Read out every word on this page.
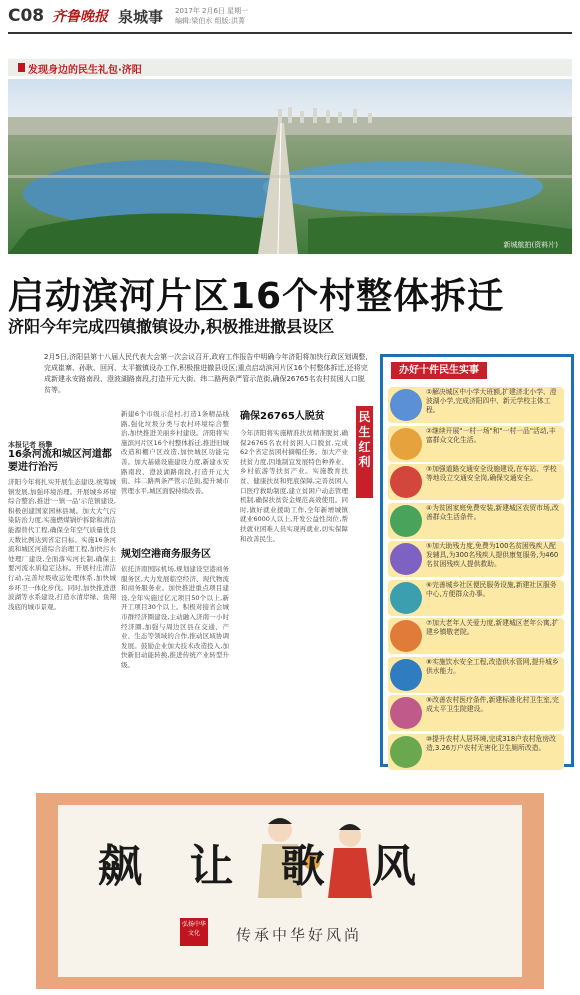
C08 齐鲁晚报 泉城事 2017年 2月6日 星期一
编辑:梁伯水 组版:洪菁
发现身边的民生礼包·济阳
新城航拍(资料片)
启动滨河片区16个村整体拆迁
济阳今年完成四镇撤镇设办,积极推进撤县设区
2月5日,济阳县第十八届人民代表大会第一次会议召开,政府工作报告中明确今年济阳将加快行政区划调整,完成崔寨、孙耿、回河、太平撤镇设办工作,积极推进撤县设区;重点启动滨河片区16个村整体拆迁,还将完成新建永安路南段、澄波湖路南段,打造开元大街、纬二路两条严管示范街,确保26765名农村贫困人口脱贫等。
本报记者 杨擎
16条河流和城区河道都要进行治污
济阳今年将扎实开展生态建设,统筹城镇发展,加强环境治理。开展城乡环境综合整治,推进'一镇一品'示范镇建设,积极创建国家园林县城。加大大气污染防治力度,实施燃煤锅炉拆除和清洁能源替代工程,确保全年空气质量优良天数比例达到省定目标。实施16条河流和城区河道综合治理工程,加快污水处理厂建设,全面落实河长制,确保主要河流水质稳定达标。开展村庄清洁行动,完善垃圾收运处理体系,加快城乡环卫一体化步伐。同时,加快推进澄波湖等水系建设,打造水清岸绿、鱼翔浅底的城市景观。
新建6个市级示范村,打造1条精品线路,强化垃圾分类与农村环境综合整治,加快推进美丽乡村建设。济阳将实施滨河片区16个村整体拆迁,推进旧城改造和棚户区改造,加快城区功能完善。加大基础设施建设力度,新建永安路南段、澄波湖路南段,打造开元大街、纬二路两条严管示范街,提升城市管理水平,城区面貌持续改善。
规划空港商务服务区
依托济南国际机场,规划建设空港商务服务区,大力发展临空经济、现代物流和商务服务业。加快推进重点项目建设,全年实施过亿元项目50个以上,新开工项目30个以上。积极对接省会城市群经济圈建设,主动融入济南一小时经济圈,加强与周边区县在交通、产业、生态等领域的合作,推动区域协调发展。鼓励企业加大技术改造投入,加快新旧动能转换,推进传统产业转型升级。
确保26765人脱贫
今年济阳将实施精准扶贫精准脱贫,确保26765名农村贫困人口脱贫,完成62个省定贫困村摘帽任务。加大产业扶贫力度,因地制宜发展特色种养业、乡村旅游等扶贫产业。实施教育扶贫、健康扶贫和兜底保障,完善贫困人口医疗救助制度,建立贫困户动态管理机制,确保扶贫资金规范高效使用。同时,做好就业援助工作,全年新增城镇就业6000人以上,开发公益性岗位,帮扶就业困难人员实现再就业,切实保障和改善民生。
民生红利
办好十件民生实事
①解决城区中小学大班额,扩建济北小学、澄波湖小学,完成济阳四中、新元学校主体工程。
②继续开展"一村一场"和"一村一品"活动,丰富群众文化生活。
③加强道路交通安全设施建设,在车站、学校等地设立交通安全岗,确保交通安全。
④为贫困家庭免费安装,新建城区农贸市场,改善群众生活条件。
⑤加大助残力度,免费为100名贫困残疾人配发辅具,为300名残疾人提供康复服务,为460名贫困残疾人提供救助。
⑥完善城乡社区便民服务设施,新建社区服务中心,方便群众办事。
⑦加大老年人关爱力度,新建城区老年公寓,扩建乡镇敬老院。
⑧实施饮水安全工程,改造供水管网,提升城乡供水能力。
⑨改善农村医疗条件,新建标准化村卫生室,完成太平卫生院建设。
⑩提升农村人居环境,完成318户农村危房改造,3.26万户农村无害化卫生厕所改造。
飙 让 歌 风
弘扬中华文化	传承中华好风尚
